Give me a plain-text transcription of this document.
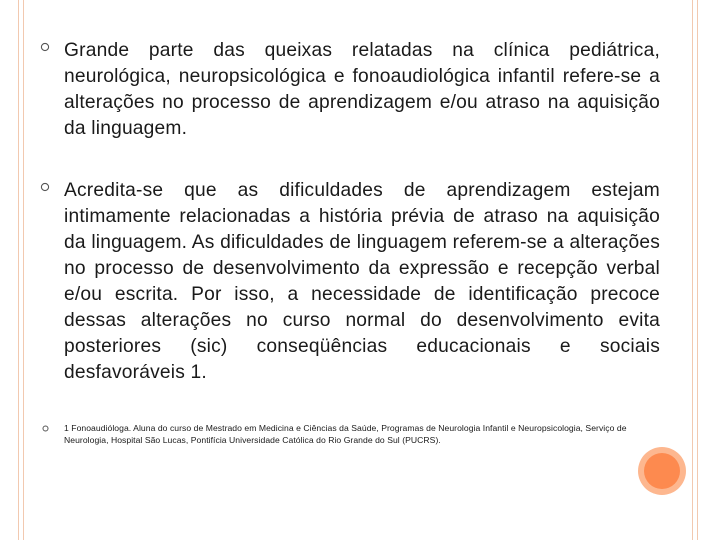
Grande parte das queixas relatadas na clínica pediátrica, neurológica, neuropsicológica e fonoaudiológica infantil refere-se a alterações no processo de aprendizagem e/ou atraso na aquisição da linguagem.
Acredita-se que as dificuldades de aprendizagem estejam intimamente relacionadas a história prévia de atraso na aquisição da linguagem. As dificuldades de linguagem referem-se a alterações no processo de desenvolvimento da expressão e recepção verbal e/ou escrita. Por isso, a necessidade de identificação precoce dessas alterações no curso normal do desenvolvimento evita posteriores (sic) conseqüências educacionais e sociais desfavoráveis 1.
1 Fonoaudióloga. Aluna do curso de Mestrado em Medicina e Ciências da Saúde, Programas de Neurologia Infantil e Neuropsicologia, Serviço de Neurologia, Hospital São Lucas, Pontifícia Universidade Católica do Rio Grande do Sul (PUCRS).
